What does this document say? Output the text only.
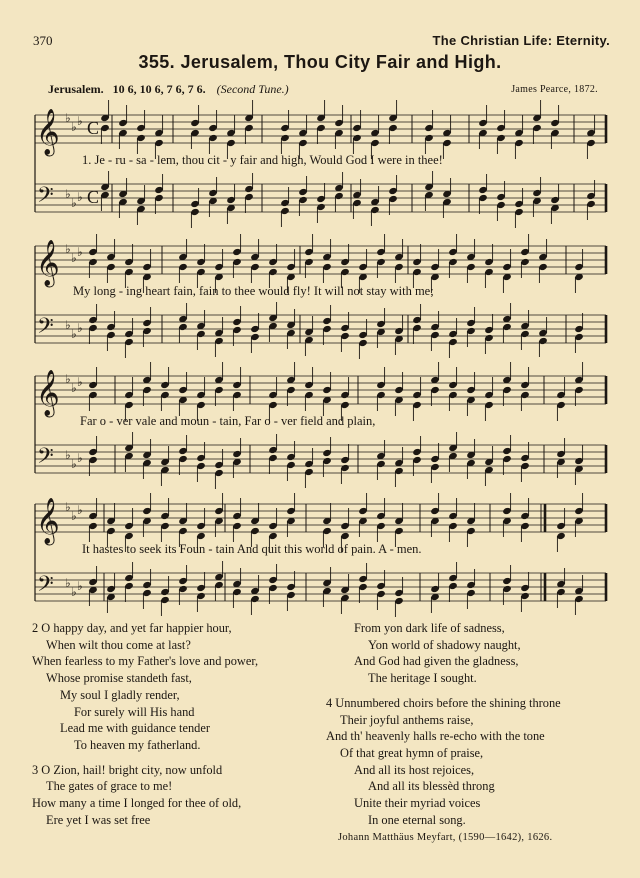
370	The Christian Life: Eternity.
355. Jerusalem, Thou City Fair and High.
Jerusalem. 10 6, 10 6, 7 6, 7 6. (Second Tune.)	James Pearce, 1872.
𝄞
𝄢
♭
♭ ♭
♭
♭ ♭
C
C
𝄞
𝄢
♭
♭ ♭
♭
♭ ♭
𝄞
𝄢
♭
♭ ♭
♭
♭ ♭
𝄞
𝄢
♭
♭ ♭
♭
♭ ♭
1. Je - ru - sa - lem, thou cit - y fair and high, Would God I were in thee!
My long - ing heart fain, fain to thee would fly! It will not stay with me;
Far o - ver vale and moun - tain, Far o - ver field and plain,
It hastes to seek its Foun - tain And quit this world of pain. A - men.
2 O happy day, and yet far happier hour,
When wilt thou come at last?
When fearless to my Father's love and power,
Whose promise standeth fast,
My soul I gladly render,
For surely will His hand
Lead me with guidance tender
To heaven my fatherland.
3 O Zion, hail! bright city, now unfold
The gates of grace to me!
How many a time I longed for thee of old,
Ere yet I was set free
From yon dark life of sadness,
Yon world of shadowy naught,
And God had given the gladness,
The heritage I sought.
4 Unnumbered choirs before the shining throne
Their joyful anthems raise,
And th' heavenly halls re-echo with the tone
Of that great hymn of praise,
And all its host rejoices,
And all its blessèd throng
Unite their myriad voices
In one eternal song.
Johann Matthäus Meyfart, (1590—1642), 1626.
